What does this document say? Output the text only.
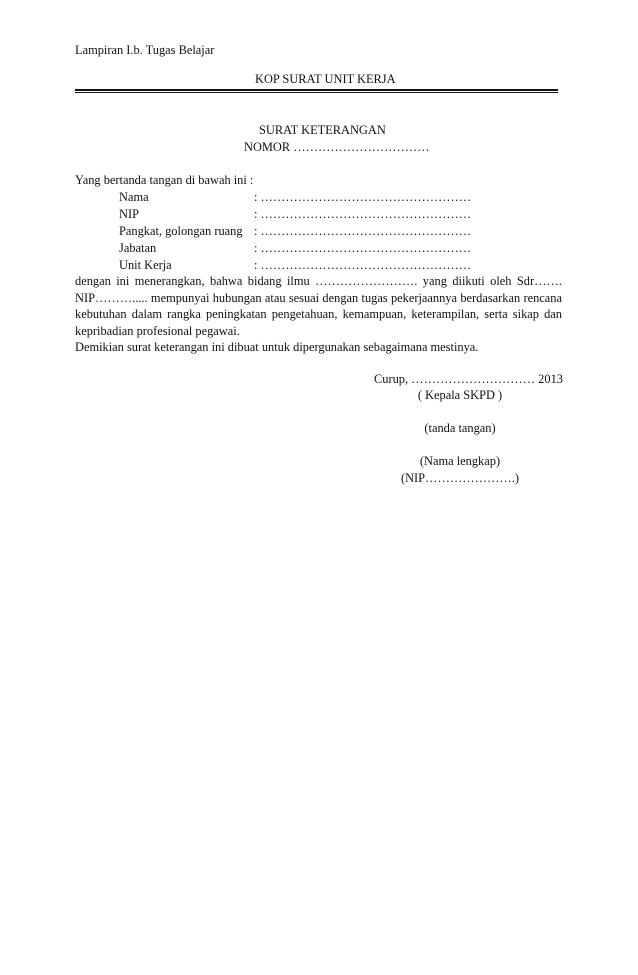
Lampiran I.b. Tugas Belajar
KOP SURAT UNIT KERJA
SURAT KETERANGAN
NOMOR ……………………………
Yang bertanda tangan di bawah ini :
Nama	: ……………………………………………
NIP	: ……………………………………………
Pangkat, golongan ruang : ……………………………………………
Jabatan	: ……………………………………………
Unit Kerja	: ……………………………………………

dengan ini menerangkan, bahwa bidang ilmu ……………………. yang diikuti oleh Sdr……. NIP………..... mempunyai hubungan atau sesuai dengan tugas pekerjaannya berdasarkan rencana kebutuhan dalam rangka peningkatan pengetahuan, kemampuan, keterampilan, serta sikap dan kepribadian profesional pegawai.

Demikian surat keterangan ini dibuat untuk dipergunakan sebagaimana mestinya.

Curup, ………………………… 2013
( Kepala SKPD )
(tanda tangan)
(Nama lengkap)
(NIP………………….)
